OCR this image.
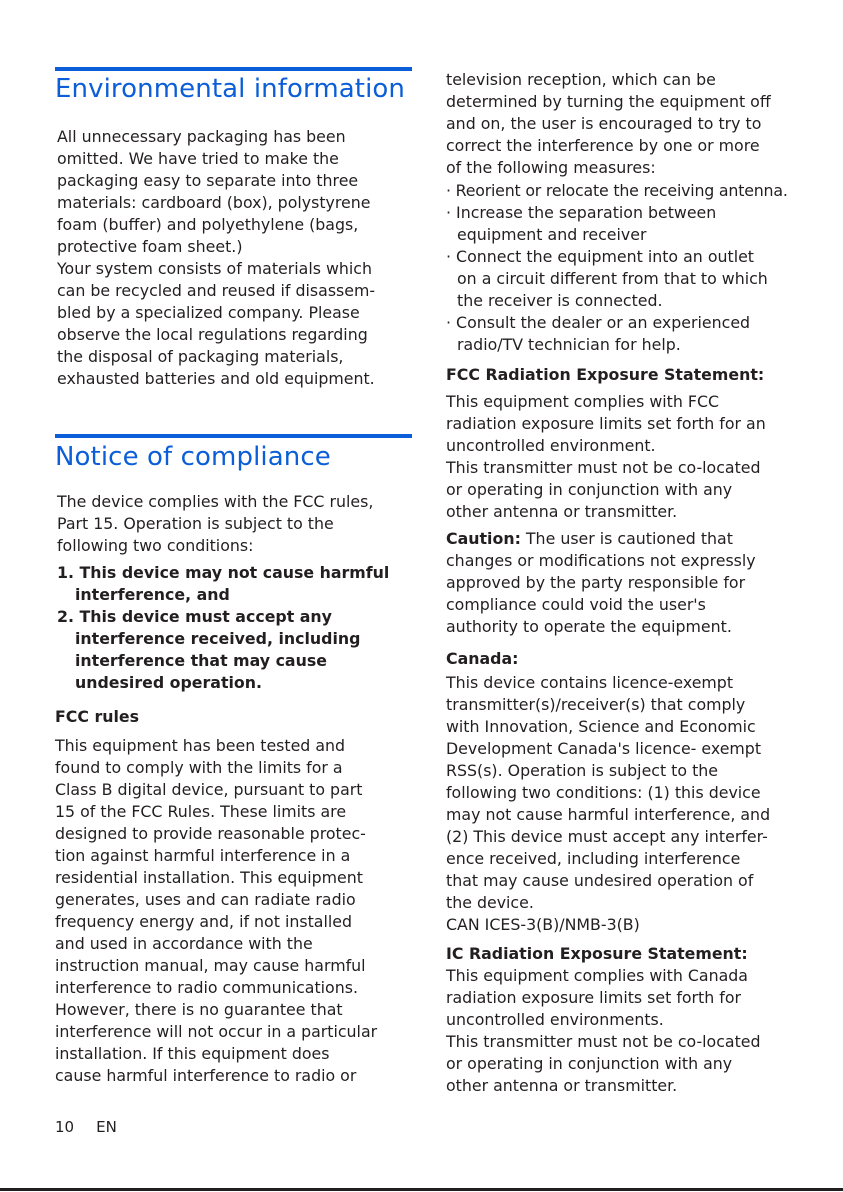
Environmental information
All unnecessary packaging has been
omitted. We have tried to make the
packaging easy to separate into three
materials: cardboard (box), polystyrene
foam (buffer) and polyethylene (bags,
protective foam sheet.)
Your system consists of materials which
can be recycled and reused if disassem-
bled by a specialized company. Please
observe the local regulations regarding
the disposal of packaging materials,
exhausted batteries and old equipment.
Notice of compliance
The device complies with the FCC rules,
Part 15. Operation is subject to the
following two conditions:
1. This device may not cause harmful
interference, and
2. This device must accept any
interference received, including
interference that may cause
undesired operation.
FCC rules
This equipment has been tested and
found to comply with the limits for a
Class B digital device, pursuant to part
15 of the FCC Rules. These limits are
designed to provide reasonable protec-
tion against harmful interference in a
residential installation. This equipment
generates, uses and can radiate radio
frequency energy and, if not installed
and used in accordance with the
instruction manual, may cause harmful
interference to radio communications.
However, there is no guarantee that
interference will not occur in a particular
installation. If this equipment does
cause harmful interference to radio or
television reception, which can be
determined by turning the equipment off
and on, the user is encouraged to try to
correct the interference by one or more
of the following measures:
· Reorient or relocate the receiving antenna.
· Increase the separation between
equipment and receiver
· Connect the equipment into an outlet
on a circuit different from that to which
the receiver is connected.
· Consult the dealer or an experienced
radio/TV technician for help.
FCC Radiation Exposure Statement:
This equipment complies with FCC
radiation exposure limits set forth for an
uncontrolled environment.
This transmitter must not be co-located
or operating in conjunction with any
other antenna or transmitter.
Caution: The user is cautioned that
changes or modifications not expressly
approved by the party responsible for
compliance could void the user's
authority to operate the equipment.
Canada:
This device contains licence-exempt
transmitter(s)/receiver(s) that comply
with Innovation, Science and Economic
Development Canada's licence- exempt
RSS(s). Operation is subject to the
following two conditions: (1) this device
may not cause harmful interference, and
(2) This device must accept any interfer-
ence received, including interference
that may cause undesired operation of
the device.
CAN ICES-3(B)/NMB-3(B)
IC Radiation Exposure Statement:
This equipment complies with Canada
radiation exposure limits set forth for
uncontrolled environments.
This transmitter must not be co-located
or operating in conjunction with any
other antenna or transmitter.
10 EN
